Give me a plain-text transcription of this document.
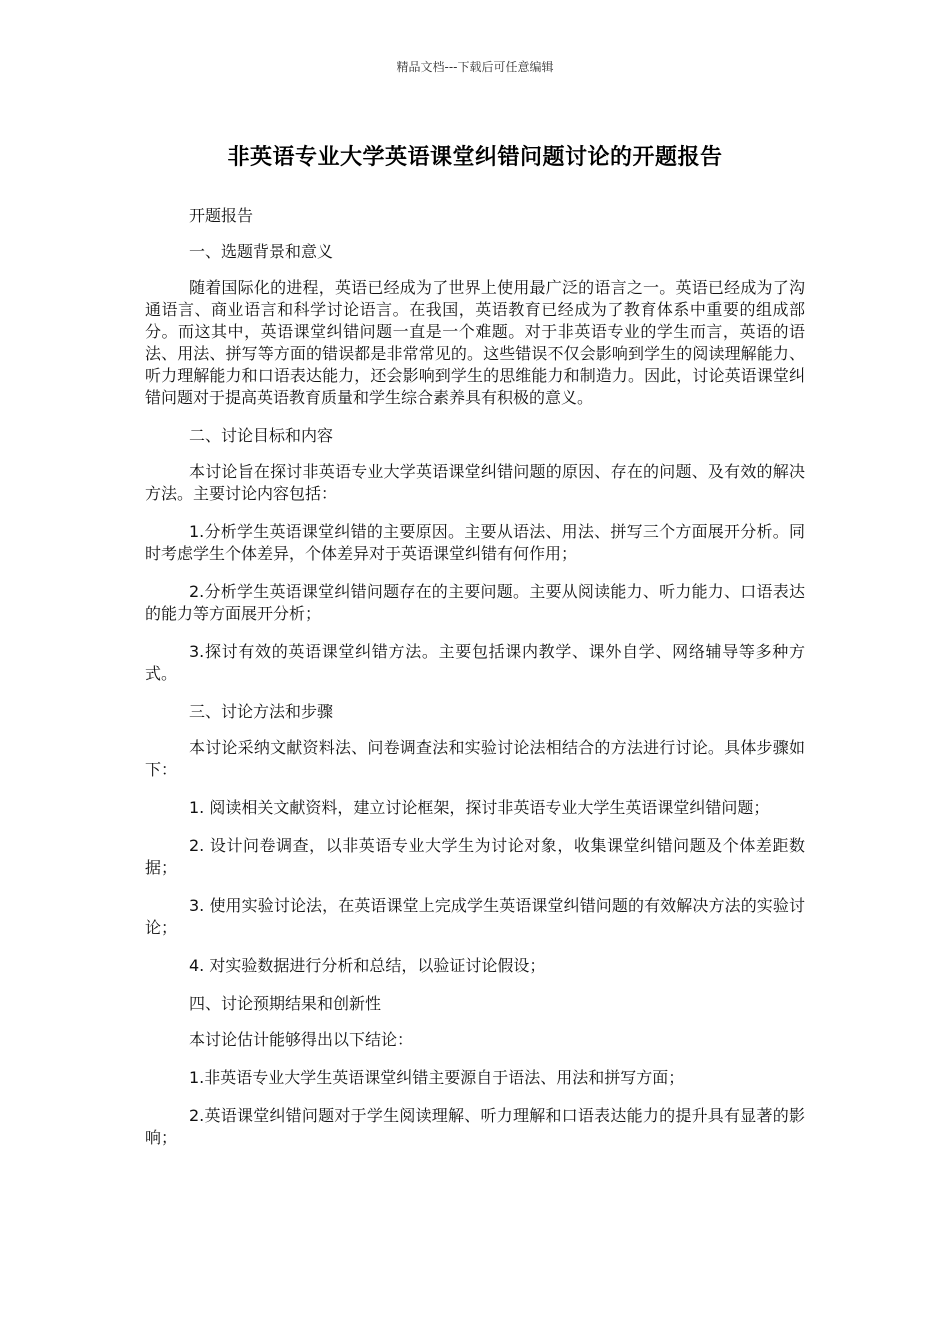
精品文档---下载后可任意编辑
非英语专业大学英语课堂纠错问题讨论的开题报告

开题报告

一、选题背景和意义

随着国际化的进程，英语已经成为了世界上使用最广泛的语言之一。英语已经成为了沟通语言、商业语言和科学讨论语言。在我国，英语教育已经成为了教育体系中重要的组成部分。而这其中，英语课堂纠错问题一直是一个难题。对于非英语专业的学生而言，英语的语法、用法、拼写等方面的错误都是非常常见的。这些错误不仅会影响到学生的阅读理解能力、听力理解能力和口语表达能力，还会影响到学生的思维能力和制造力。因此，讨论英语课堂纠错问题对于提高英语教育质量和学生综合素养具有积极的意义。

二、讨论目标和内容

本讨论旨在探讨非英语专业大学英语课堂纠错问题的原因、存在的问题、及有效的解决方法。主要讨论内容包括：

1.分析学生英语课堂纠错的主要原因。主要从语法、用法、拼写三个方面展开分析。同时考虑学生个体差异，个体差异对于英语课堂纠错有何作用；

2.分析学生英语课堂纠错问题存在的主要问题。主要从阅读能力、听力能力、口语表达的能力等方面展开分析；

3.探讨有效的英语课堂纠错方法。主要包括课内教学、课外自学、网络辅导等多种方式。

三、讨论方法和步骤

本讨论采纳文献资料法、问卷调查法和实验讨论法相结合的方法进行讨论。具体步骤如下：

1. 阅读相关文献资料，建立讨论框架，探讨非英语专业大学生英语课堂纠错问题；

2. 设计问卷调查，以非英语专业大学生为讨论对象，收集课堂纠错问题及个体差距数据；

3. 使用实验讨论法，在英语课堂上完成学生英语课堂纠错问题的有效解决方法的实验讨论；

4. 对实验数据进行分析和总结，以验证讨论假设；

四、讨论预期结果和创新性

本讨论估计能够得出以下结论：

1.非英语专业大学生英语课堂纠错主要源自于语法、用法和拼写方面；

2.英语课堂纠错问题对于学生阅读理解、听力理解和口语表达能力的提升具有显著的影响；
